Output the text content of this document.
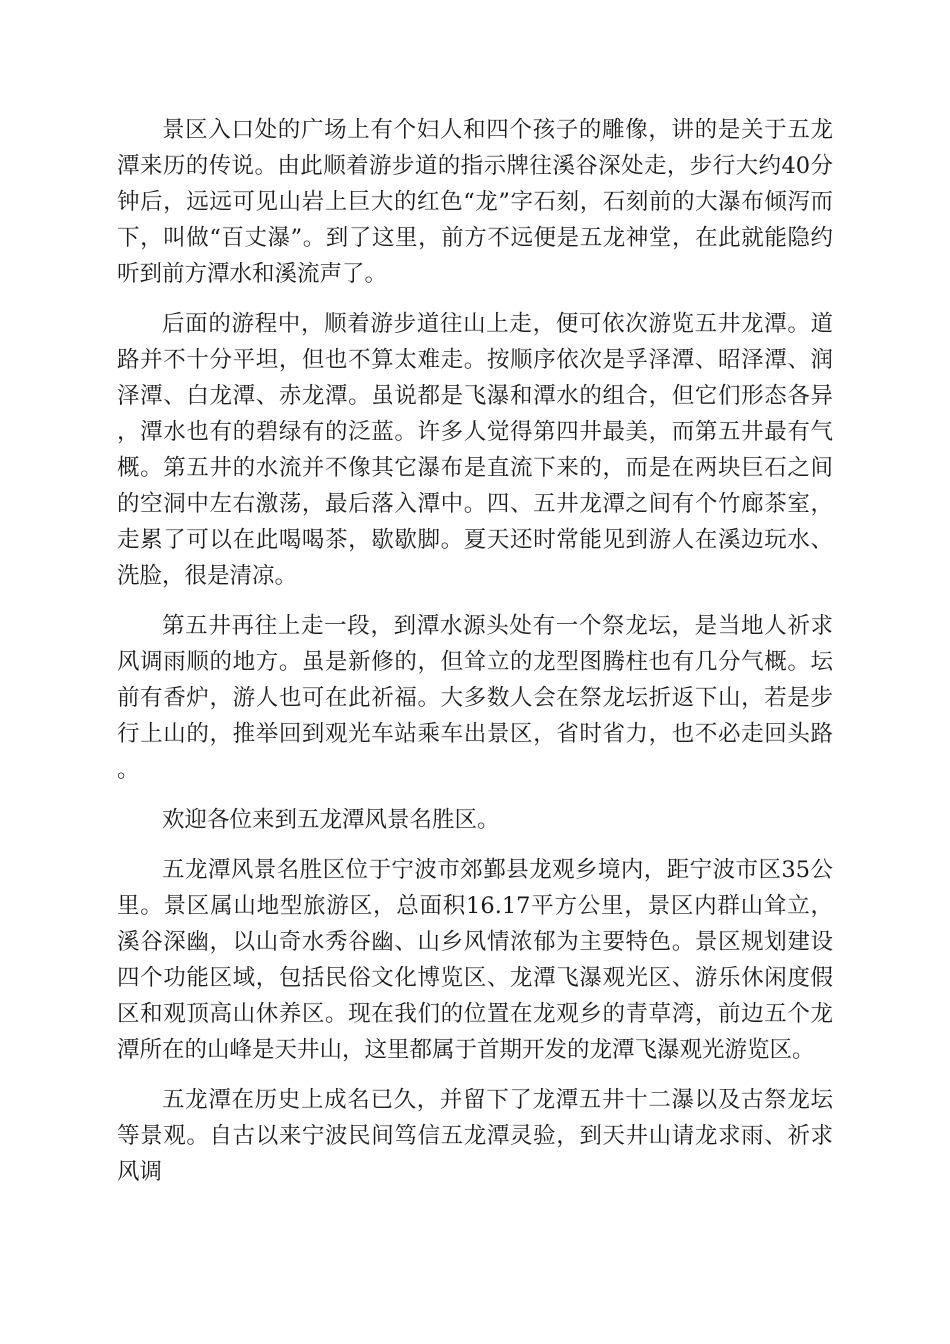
景区入口处的广场上有个妇人和四个孩子的雕像，讲的是关于五龙潭来历的传说。由此顺着游步道的指示牌往溪谷深处走，步行大约40分钟后，远远可见山岩上巨大的红色“龙”字石刻，石刻前的大瀑布倾泻而下，叫做“百丈瀑”。到了这里，前方不远便是五龙神堂，在此就能隐约听到前方潭水和溪流声了。

后面的游程中，顺着游步道往山上走，便可依次游览五井龙潭。道路并不十分平坦，但也不算太难走。按顺序依次是孚泽潭、昭泽潭、润泽潭、白龙潭、赤龙潭。虽说都是飞瀑和潭水的组合，但它们形态各异，潭水也有的碧绿有的泛蓝。许多人觉得第四井最美，而第五井最有气概。第五井的水流并不像其它瀑布是直流下来的，而是在两块巨石之间的空洞中左右激荡，最后落入潭中。四、五井龙潭之间有个竹廊茶室，走累了可以在此喝喝茶，歇歇脚。夏天还时常能见到游人在溪边玩水、洗脸，很是清凉。

第五井再往上走一段，到潭水源头处有一个祭龙坛，是当地人祈求风调雨顺的地方。虽是新修的，但耸立的龙型图腾柱也有几分气概。坛前有香炉，游人也可在此祈福。大多数人会在祭龙坛折返下山，若是步行上山的，推举回到观光车站乘车出景区，省时省力，也不必走回头路。

欢迎各位来到五龙潭风景名胜区。

五龙潭风景名胜区位于宁波市郊鄞县龙观乡境内，距宁波市区35公里。景区属山地型旅游区，总面积16.17平方公里，景区内群山耸立，溪谷深幽，以山奇水秀谷幽、山乡风情浓郁为主要特色。景区规划建设四个功能区域，包括民俗文化博览区、龙潭飞瀑观光区、游乐休闲度假区和观顶高山休养区。现在我们的位置在龙观乡的青草湾，前边五个龙潭所在的山峰是天井山，这里都属于首期开发的龙潭飞瀑观光游览区。

五龙潭在历史上成名已久，并留下了龙潭五井十二瀑以及古祭龙坛等景观。自古以来宁波民间笃信五龙潭灵验，到天井山请龙求雨、祈求风调
